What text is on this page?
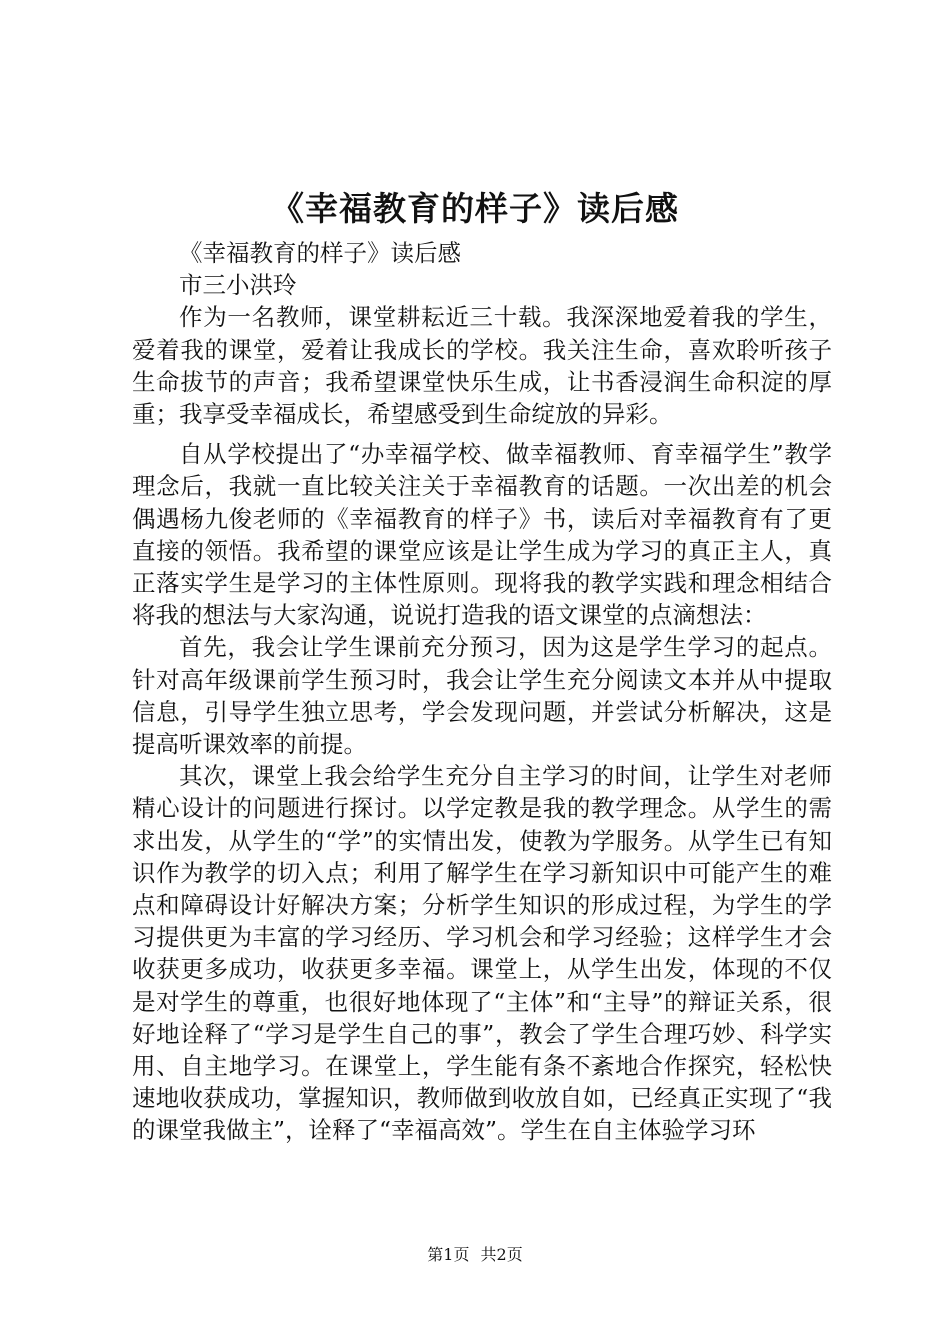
《幸福教育的样子》读后感

《幸福教育的样子》读后感

市三小洪玲

作为一名教师，课堂耕耘近三十载。我深深地爱着我的学生，爱着我的课堂，爱着让我成长的学校。我关注生命，喜欢聆听孩子生命拔节的声音；我希望课堂快乐生成，让书香浸润生命积淀的厚重；我享受幸福成长，希望感受到生命绽放的异彩。

自从学校提出了“办幸福学校、做幸福教师、育幸福学生”教学理念后，我就一直比较关注关于幸福教育的话题。一次出差的机会偶遇杨九俊老师的《幸福教育的样子》书，读后对幸福教育有了更直接的领悟。我希望的课堂应该是让学生成为学习的真正主人，真正落实学生是学习的主体性原则。现将我的教学实践和理念相结合将我的想法与大家沟通，说说打造我的语文课堂的点滴想法：

首先，我会让学生课前充分预习，因为这是学生学习的起点。针对高年级课前学生预习时，我会让学生充分阅读文本并从中提取信息，引导学生独立思考，学会发现问题，并尝试分析解决，这是提高听课效率的前提。

其次，课堂上我会给学生充分自主学习的时间，让学生对老师精心设计的问题进行探讨。以学定教是我的教学理念。从学生的需求出发，从学生的“学”的实情出发，使教为学服务。从学生已有知识作为教学的切入点；利用了解学生在学习新知识中可能产生的难点和障碍设计好解决方案；分析学生知识的形成过程，为学生的学习提供更为丰富的学习经历、学习机会和学习经验；这样学生才会收获更多成功，收获更多幸福。课堂上，从学生出发，体现的不仅是对学生的尊重，也很好地体现了“主体”和“主导”的辩证关系，很好地诠释了“学习是学生自己的事”，教会了学生合理巧妙、科学实用、自主地学习。在课堂上，学生能有条不紊地合作探究，轻松快速地收获成功，掌握知识，教师做到收放自如，已经真正实现了“我的课堂我做主”，诠释了“幸福高效”。学生在自主体验学习环

第1页 共2页
